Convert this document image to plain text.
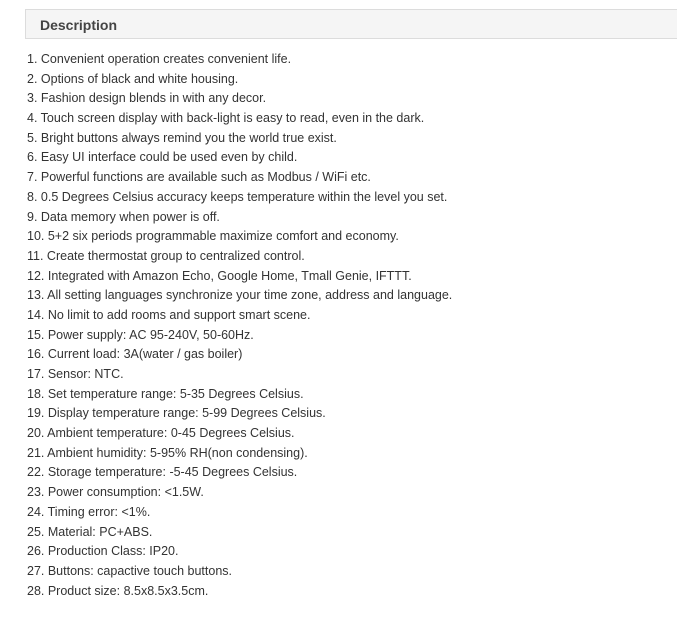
Description
1. Convenient operation creates convenient life.
2. Options of black and white housing.
3. Fashion design blends in with any decor.
4. Touch screen display with back-light is easy to read, even in the dark.
5. Bright buttons always remind you the world true exist.
6. Easy UI interface could be used even by child.
7. Powerful functions are available such as Modbus / WiFi etc.
8. 0.5 Degrees Celsius accuracy keeps temperature within the level you set.
9. Data memory when power is off.
10. 5+2 six periods programmable maximize comfort and economy.
11. Create thermostat group to centralized control.
12. Integrated with Amazon Echo, Google Home, Tmall Genie, IFTTT.
13. All setting languages synchronize your time zone, address and language.
14. No limit to add rooms and support smart scene.
15. Power supply: AC 95-240V, 50-60Hz.
16. Current load: 3A(water / gas boiler)
17. Sensor: NTC.
18. Set temperature range: 5-35 Degrees Celsius.
19. Display temperature range: 5-99 Degrees Celsius.
20. Ambient temperature: 0-45 Degrees Celsius.
21. Ambient humidity: 5-95% RH(non condensing).
22. Storage temperature: -5-45 Degrees Celsius.
23. Power consumption: <1.5W.
24. Timing error: <1%.
25. Material: PC+ABS.
26. Production Class: IP20.
27. Buttons: capactive touch buttons.
28. Product size: 8.5x8.5x3.5cm.
